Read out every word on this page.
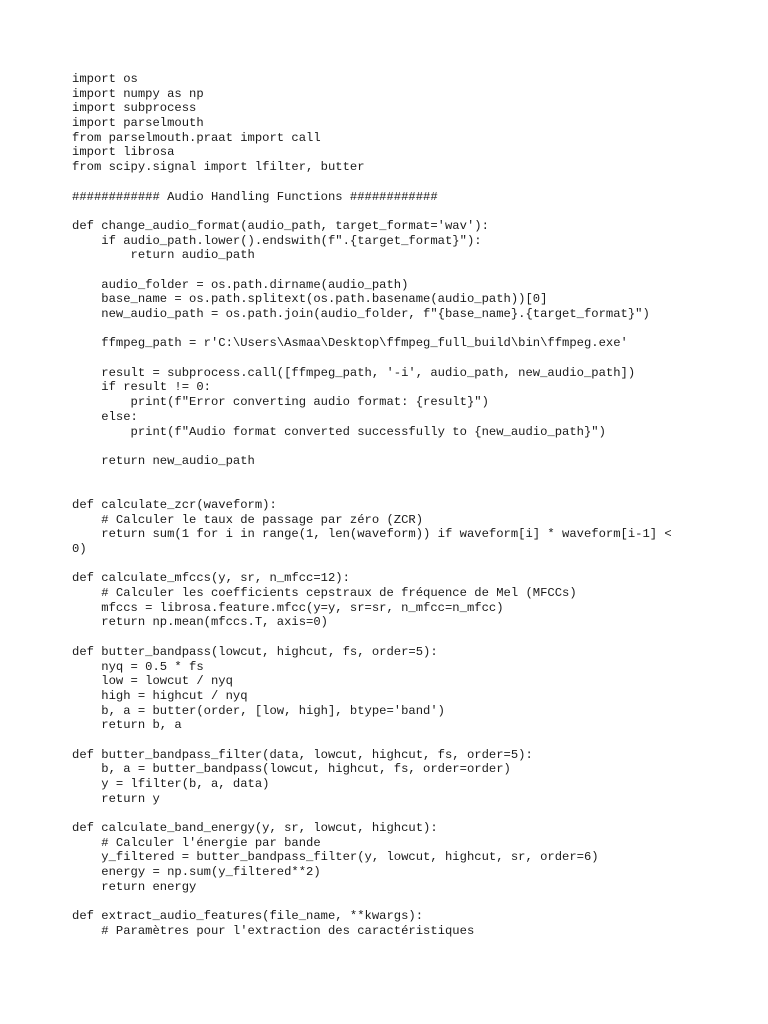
import os
import numpy as np
import subprocess
import parselmouth
from parselmouth.praat import call
import librosa
from scipy.signal import lfilter, butter
############ Audio Handling Functions ############
def change_audio_format(audio_path, target_format='wav'):
if audio_path.lower().endswith(f".{target_format}"):
return audio_path
audio_folder = os.path.dirname(audio_path)
base_name = os.path.splitext(os.path.basename(audio_path))[0]
new_audio_path = os.path.join(audio_folder, f"{base_name}.{target_format}")
ffmpeg_path = r'C:\Users\Asmaa\Desktop\ffmpeg_full_build\bin\ffmpeg.exe'
result = subprocess.call([ffmpeg_path, '-i', audio_path, new_audio_path])
if result != 0:
print(f"Error converting audio format: {result}")
else:
print(f"Audio format converted successfully to {new_audio_path}")
return new_audio_path
def calculate_zcr(waveform):
# Calculer le taux de passage par zéro (ZCR)
return sum(1 for i in range(1, len(waveform)) if waveform[i] * waveform[i-1] <
0)
def calculate_mfccs(y, sr, n_mfcc=12):
# Calculer les coefficients cepstraux de fréquence de Mel (MFCCs)
mfccs = librosa.feature.mfcc(y=y, sr=sr, n_mfcc=n_mfcc)
return np.mean(mfccs.T, axis=0)
def butter_bandpass(lowcut, highcut, fs, order=5):
nyq = 0.5 * fs
low = lowcut / nyq
high = highcut / nyq
b, a = butter(order, [low, high], btype='band')
return b, a
def butter_bandpass_filter(data, lowcut, highcut, fs, order=5):
b, a = butter_bandpass(lowcut, highcut, fs, order=order)
y = lfilter(b, a, data)
return y
def calculate_band_energy(y, sr, lowcut, highcut):
# Calculer l'énergie par bande
y_filtered = butter_bandpass_filter(y, lowcut, highcut, sr, order=6)
energy = np.sum(y_filtered**2)
return energy
def extract_audio_features(file_name, **kwargs):
# Paramètres pour l'extraction des caractéristiques
